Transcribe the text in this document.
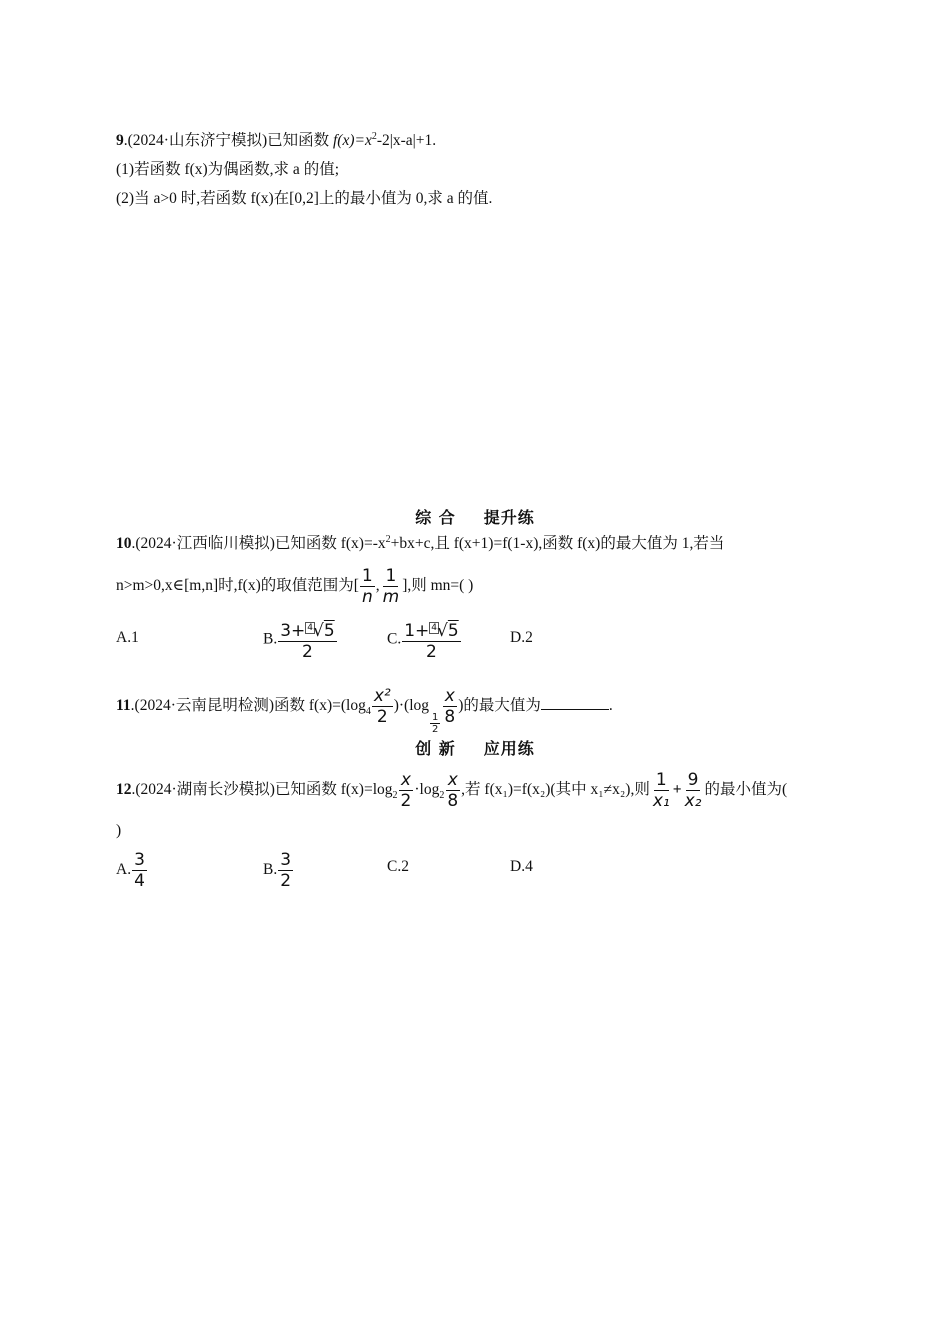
9.(2024·山东济宁模拟)已知函数 $f(x)=x^2-2|x-a|+1$.
(1)若函数 f(x)为偶函数,求 a 的值;
(2)当 a>0 时,若函数 f(x)在[0,2]上的最小值为 0,求 a 的值.
综 合 提升练
10.(2024·江西临川模拟)已知函数 $f(x)=-x^2+bx+c$,且 f(x+1)=f(1-x),函数 f(x)的最大值为 1,若当
n>m>0,x∈[m,n]时,f(x)的取值范围为[ $\frac{1}{n}$ , $\frac{1}{m}$ ],则 mn=( )
A.1	B. $\frac{3+ ^4√5}{2}$	C. $\frac{1+ ^4√5}{2}$	D.2
11.(2024·云南昆明检测)函数 $f(x)=(\log_4 \frac{\text{x²}}{2} )\cdot(\log$
$\frac{1}{2} \frac{x}{8}$ )的最大值为	.
创 新 应用练
12.(2024·湖南长沙模拟)已知函数 $f(x)=\log_2 \frac{x}{2} \cdot\log_2 \frac{x}{8}$ ,若 f(x₁)=f(x₂)(其中 x₁≠x₂),则 $\frac{1}{\text{x₁}} + \frac{9}{\text{x₂}}$ 的最小值为(
)
A. $\frac{3}{4}$	B. $\frac{3}{2}$	C.2	D.4
